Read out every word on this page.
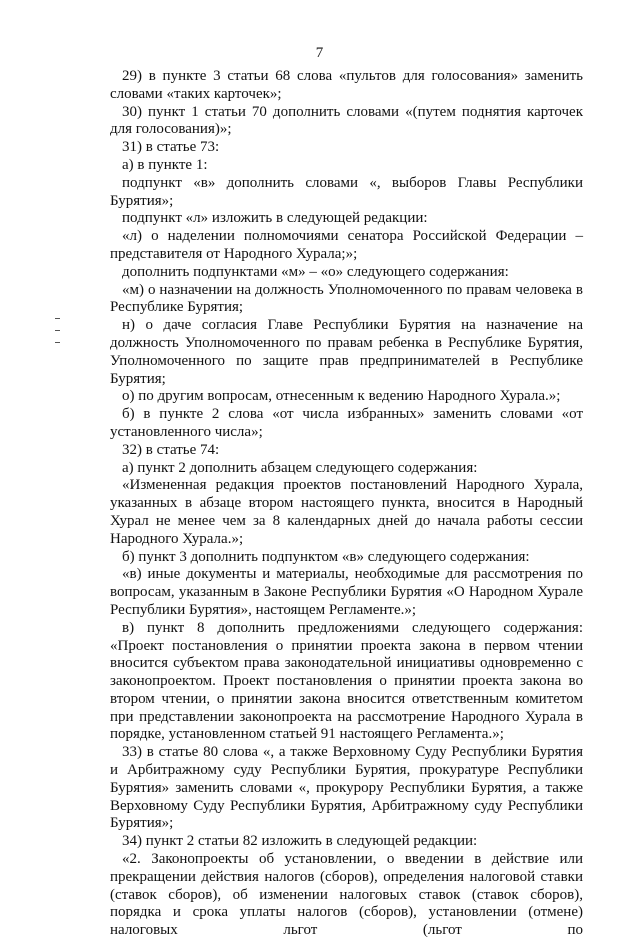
7

29) в пункте 3 статьи 68 слова «пультов для голосования» заменить словами «таких карточек»;

30) пункт 1 статьи 70 дополнить словами «(путем поднятия карточек для голосования)»;

31) в статье 73:

а) в пункте 1:

подпункт «в» дополнить словами «, выборов Главы Республики Бурятия»;

подпункт «л» изложить в следующей редакции:

«л) о наделении полномочиями сенатора Российской Федерации – представителя от Народного Хурала;»;

дополнить подпунктами «м» – «о» следующего содержания:

«м) о назначении на должность Уполномоченного по правам человека в Республике Бурятия;

н) о даче согласия Главе Республики Бурятия на назначение на должность Уполномоченного по правам ребенка в Республике Бурятия, Уполномоченного по защите прав предпринимателей в Республике Бурятия;

о) по другим вопросам, отнесенным к ведению Народного Хурала.»;

б) в пункте 2 слова «от числа избранных» заменить словами «от установленного числа»;

32) в статье 74:

а) пункт 2 дополнить абзацем следующего содержания:

«Измененная редакция проектов постановлений Народного Хурала, указанных в абзаце втором настоящего пункта, вносится в Народный Хурал не менее чем за 8 календарных дней до начала работы сессии Народного Хурала.»;

б) пункт 3 дополнить подпунктом «в» следующего содержания:

«в) иные документы и материалы, необходимые для рассмотрения по вопросам, указанным в Законе Республики Бурятия «О Народном Хурале Республики Бурятия», настоящем Регламенте.»;

в) пункт 8 дополнить предложениями следующего содержания: «Проект постановления о принятии проекта закона в первом чтении вносится субъектом права законодательной инициативы одновременно с законопроектом. Проект постановления о принятии проекта закона во втором чтении, о принятии закона вносится ответственным комитетом при представлении законопроекта на рассмотрение Народного Хурала в порядке, установленном статьей 91 настоящего Регламента.»;

33) в статье 80 слова «, а также Верховному Суду Республики Бурятия и Арбитражному суду Республики Бурятия, прокуратуре Республики Бурятия» заменить словами «, прокурору Республики Бурятия, а также Верховному Суду Республики Бурятия, Арбитражному суду Республики Бурятия»;

34) пункт 2 статьи 82 изложить в следующей редакции:

«2. Законопроекты об установлении, о введении в действие или прекращении действия налогов (сборов), определения налоговой ставки (ставок сборов), об изменении налоговых ставок (ставок сборов), порядка и срока уплаты налогов (сборов), установлении (отмене) налоговых льгот (льгот по
